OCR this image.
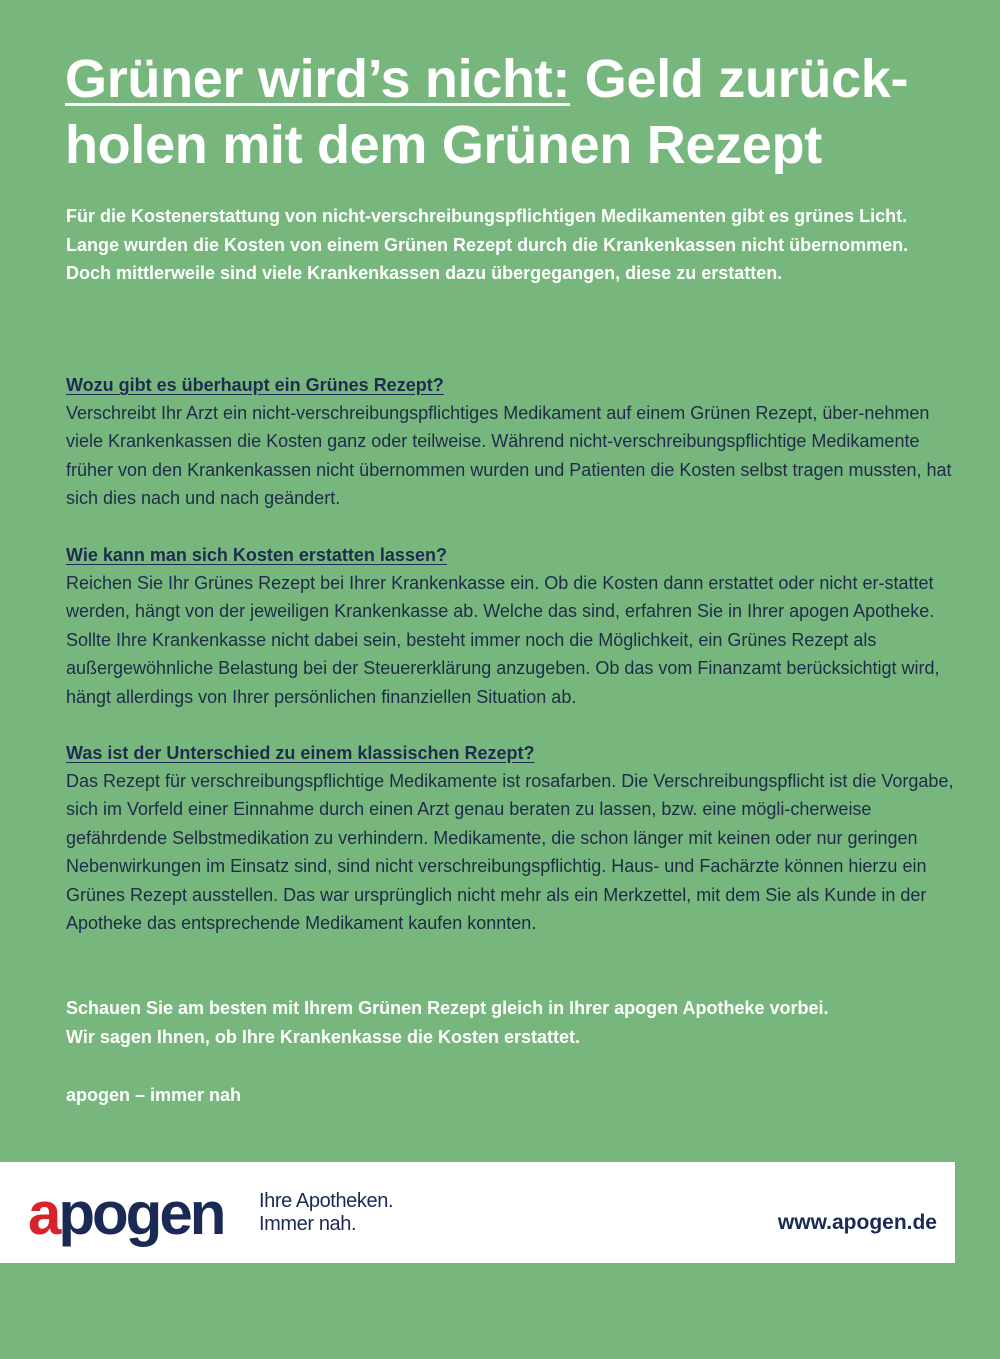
Grüner wird’s nicht: Geld zurück-
holen mit dem Grünen Rezept

Für die Kostenerstattung von nicht-verschreibungspflichtigen Medikamenten gibt es grünes Licht. Lange wurden die Kosten von einem Grünen Rezept durch die Krankenkassen nicht übernommen. Doch mittlerweile sind viele Krankenkassen dazu übergegangen, diese zu erstatten.

Wozu gibt es überhaupt ein Grünes Rezept?

Verschreibt Ihr Arzt ein nicht-verschreibungspflichtiges Medikament auf einem Grünen Rezept, über-nehmen viele Krankenkassen die Kosten ganz oder teilweise. Während nicht-verschreibungspflichtige Medikamente früher von den Krankenkassen nicht übernommen wurden und Patienten die Kosten selbst tragen mussten, hat sich dies nach und nach geändert.

Wie kann man sich Kosten erstatten lassen?

Reichen Sie Ihr Grünes Rezept bei Ihrer Krankenkasse ein. Ob die Kosten dann erstattet oder nicht er-stattet werden, hängt von der jeweiligen Krankenkasse ab. Welche das sind, erfahren Sie in Ihrer apogen Apotheke. Sollte Ihre Krankenkasse nicht dabei sein, besteht immer noch die Möglichkeit, ein Grünes Rezept als außergewöhnliche Belastung bei der Steuererklärung anzugeben. Ob das vom Finanzamt berücksichtigt wird, hängt allerdings von Ihrer persönlichen finanziellen Situation ab.

Was ist der Unterschied zu einem klassischen Rezept?

Das Rezept für verschreibungspflichtige Medikamente ist rosafarben. Die Verschreibungspflicht ist die Vorgabe, sich im Vorfeld einer Einnahme durch einen Arzt genau beraten zu lassen, bzw. eine mögli-cherweise gefährdende Selbstmedikation zu verhindern. Medikamente, die schon länger mit keinen oder nur geringen Nebenwirkungen im Einsatz sind, sind nicht verschreibungspflichtig. Haus- und Fachärzte können hierzu ein Grünes Rezept ausstellen. Das war ursprünglich nicht mehr als ein Merkzettel, mit dem Sie als Kunde in der Apotheke das entsprechende Medikament kaufen konnten.

Schauen Sie am besten mit Ihrem Grünen Rezept gleich in Ihrer apogen Apotheke vorbei.
Wir sagen Ihnen, ob Ihre Krankenkasse die Kosten erstattet.

apogen – immer nah

apogen Ihre Apotheken.
Immer nah.	www.apogen.de
